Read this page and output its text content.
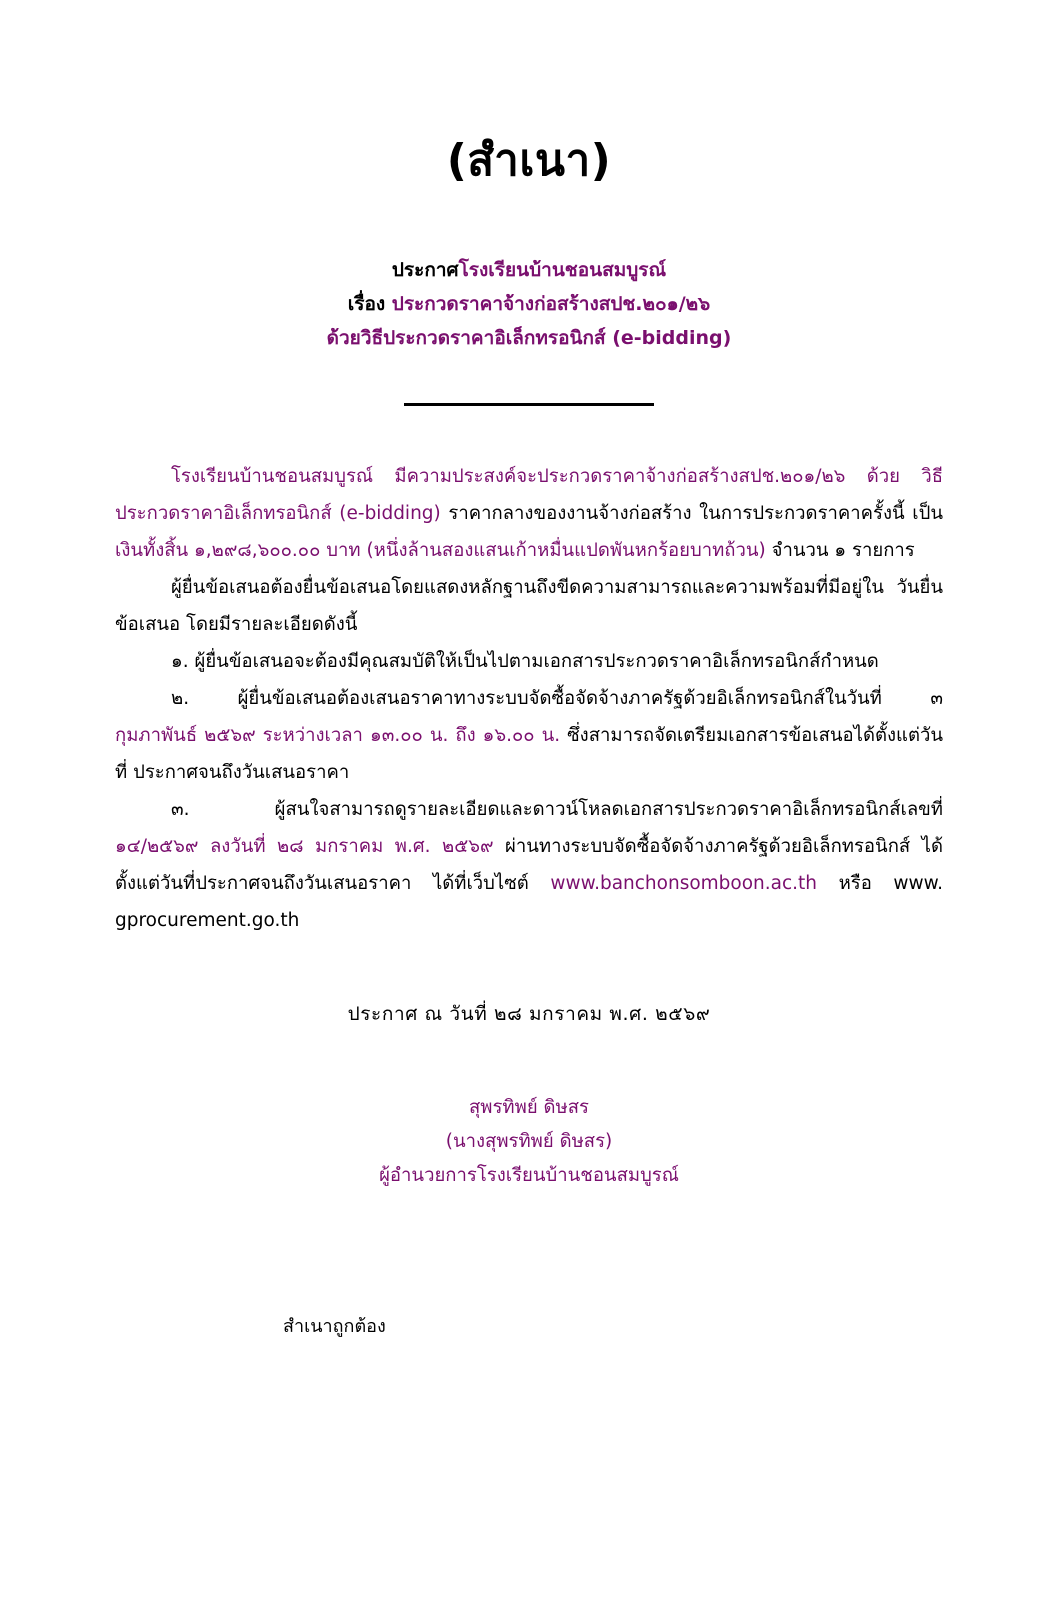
(สำเนา)
ประกาศโรงเรียนบ้านชอนสมบูรณ์
เรื่อง ประกวดราคาจ้างก่อสร้างสปช.๒๐๑/๒๖
ด้วยวิธีประกวดราคาอิเล็กทรอนิกส์ (e-bidding)

โรงเรียนบ้านชอนสมบูรณ์ มีความประสงค์จะประกวดราคาจ้างก่อสร้างสปช.๒๐๑/๒๖ ด้วย วิธีประกวดราคาอิเล็กทรอนิกส์ (e-bidding) ราคากลางของงานจ้างก่อสร้าง ในการประกวดราคาครั้งนี้ เป็น เงินทั้งสิ้น ๑,๒๙๘,๖๐๐.๐๐ บาท (หนึ่งล้านสองแสนเก้าหมื่นแปดพันหกร้อยบาทถ้วน) จำนวน ๑ รายการ

ผู้ยื่นข้อเสนอต้องยื่นข้อเสนอโดยแสดงหลักฐานถึงขีดความสามารถและความพร้อมที่มีอยู่ใน วันยื่นข้อเสนอ โดยมีรายละเอียดดังนี้

๑. ผู้ยื่นข้อเสนอจะต้องมีคุณสมบัติให้เป็นไปตามเอกสารประกวดราคาอิเล็กทรอนิกส์กำหนด

๒. ผู้ยื่นข้อเสนอต้องเสนอราคาทางระบบจัดซื้อจัดจ้างภาครัฐด้วยอิเล็กทรอนิกส์ในวันที่ ๓ กุมภาพันธ์ ๒๕๖๙ ระหว่างเวลา ๑๓.๐๐ น. ถึง ๑๖.๐๐ น. ซึ่งสามารถจัดเตรียมเอกสารข้อเสนอได้ตั้งแต่วันที่ ประกาศจนถึงวันเสนอราคา

๓. ผู้สนใจสามารถดูรายละเอียดและดาวน์โหลดเอกสารประกวดราคาอิเล็กทรอนิกส์เลขที่ ๑๔/๒๕๖๙ ลงวันที่ ๒๘ มกราคม พ.ศ. ๒๕๖๙ ผ่านทางระบบจัดซื้อจัดจ้างภาครัฐด้วยอิเล็กทรอนิกส์ ได้ ตั้งแต่วันที่ประกาศจนถึงวันเสนอราคา ได้ที่เว็บไซต์ www.banchonsomboon.ac.th หรือ www. gprocurement.go.th

ประกาศ ณ วันที่ ๒๘ มกราคม พ.ศ. ๒๕๖๙
สุพรทิพย์ ดิษสร
(นางสุพรทิพย์ ดิษสร)
ผู้อำนวยการโรงเรียนบ้านชอนสมบูรณ์
สำเนาถูกต้อง
